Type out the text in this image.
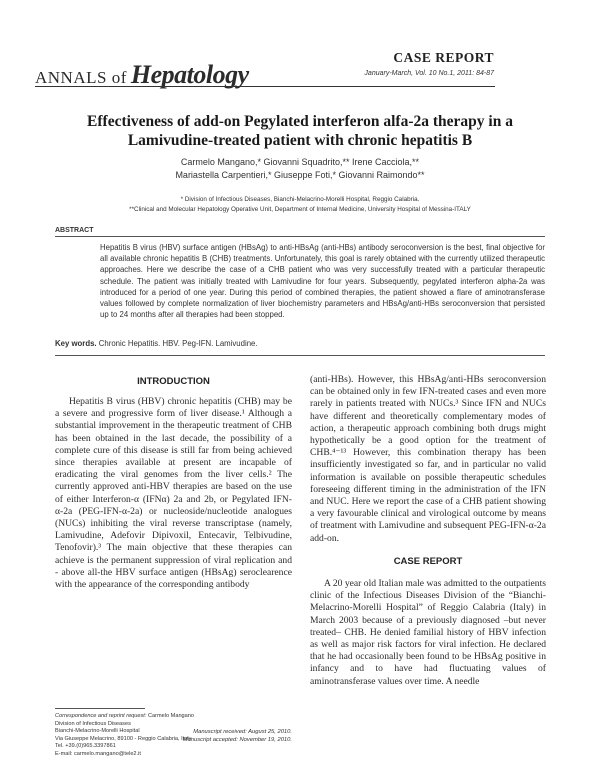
ANNALS of Hepatology
CASE REPORT
January-March, Vol. 10 No.1, 2011: 84-87
Effectiveness of add-on Pegylated interferon alfa-2a therapy in a Lamivudine-treated patient with chronic hepatitis B
Carmelo Mangano,* Giovanni Squadrito,** Irene Cacciola,**
Mariastella Carpentieri,* Giuseppe Foti,* Giovanni Raimondo**
* Division of Infectious Diseases, Bianchi-Melacrino-Morelli Hospital, Reggio Calabria.
**Clinical and Molecular Hepatology Operative Unit, Department of Internal Medicine, University Hospital of Messina-ITALY
ABSTRACT
Hepatitis B virus (HBV) surface antigen (HBsAg) to anti-HBsAg (anti-HBs) antibody seroconversion is the best, final objective for all available chronic hepatitis B (CHB) treatments. Unfortunately, this goal is rarely obtained with the currently utilized therapeutic approaches. Here we describe the case of a CHB patient who was very successfully treated with a particular therapeutic schedule. The patient was initially treated with Lamivudine for four years. Subsequently, pegylated interferon alpha-2a was introduced for a period of one year. During this period of combined therapies, the patient showed a flare of aminotransferase values followed by complete normalization of liver biochemistry parameters and HBsAg/anti-HBs seroconversion that persisted up to 24 months after all therapies had been stopped.
Key words. Chronic Hepatitis. HBV. Peg-IFN. Lamivudine.
INTRODUCTION

Hepatitis B virus (HBV) chronic hepatitis (CHB) may be a severe and progressive form of liver disease.¹ Although a substantial improvement in the therapeutic treatment of CHB has been obtained in the last decade, the possibility of a complete cure of this disease is still far from being achieved since therapies available at present are incapable of eradicating the viral genomes from the liver cells.² The currently approved anti-HBV therapies are based on the use of either Interferon-α (IFNα) 2a and 2b, or Pegylated IFN-α-2a (PEG-IFN-α-2a) or nucleoside/nucleotide analogues (NUCs) inhibiting the viral reverse transcriptase (namely, Lamivudine, Adefovir Dipivoxil, Entecavir, Telbivudine, Tenofovir).³ The main objective that these therapies can achieve is the permanent suppression of viral replication and - above all-the HBV surface antigen (HBsAg) seroclearence with the appearance of the corresponding antibody

(anti-HBs). However, this HBsAg/anti-HBs seroconversion can be obtained only in few IFN-treated cases and even more rarely in patients treated with NUCs.³ Since IFN and NUCs have different and theoretically complementary modes of action, a therapeutic approach combining both drugs might hypothetically be a good option for the treatment of CHB.⁴⁻¹³ However, this combination therapy has been insufficiently investigated so far, and in particular no valid information is available on possible therapeutic schedules foreseeing different timing in the administration of the IFN and NUC. Here we report the case of a CHB patient showing a very favourable clinical and virological outcome by means of treatment with Lamivudine and subsequent PEG-IFN-α-2a add-on.

CASE REPORT

A 20 year old Italian male was admitted to the outpatients clinic of the Infectious Diseases Division of the “Bianchi-Melacrino-Morelli Hospital” of Reggio Calabria (Italy) in March 2003 because of a previously diagnosed –but never treated– CHB. He denied familial history of HBV infection as well as major risk factors for viral infection. He declared that he had occasionally been found to be HBsAg positive in infancy and to have had fluctuating values of aminotransferase values over time. A needle

Correspondence and reprint request: Carmelo Mangano
Division of Infectious Diseases
Bianchi-Melacrino-Morelli Hospital
Via Giuseppe Melacrino, 89100 - Reggio Calabria, Italy
Tel. +39.(0)965.3397861
E-mail: carmelo.mangano@tele2.it
Manuscript received: August 25, 2010.
Manuscript accepted: November 19, 2010.
